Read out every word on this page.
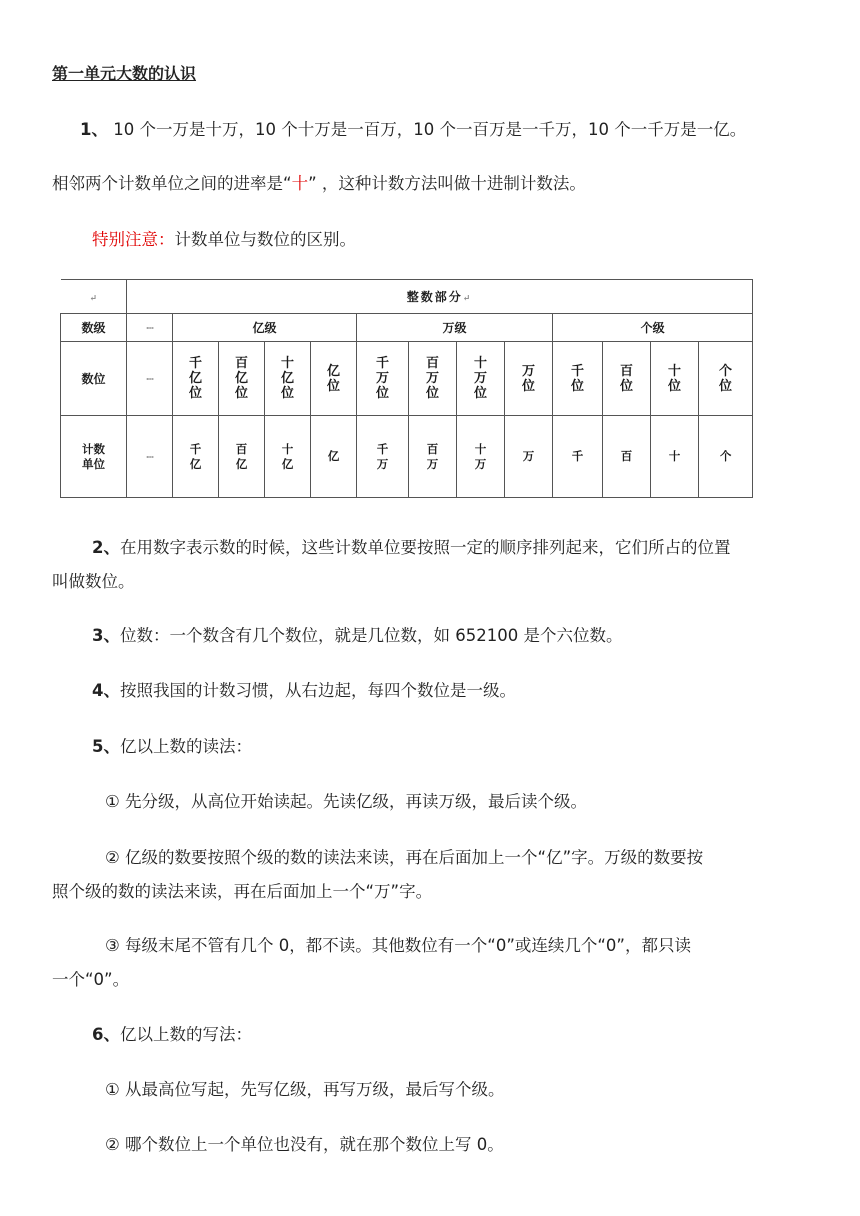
第一单元大数的认识
1、 10 个一万是十万，10 个十万是一百万，10 个一百万是一千万，10 个一千万是一亿。
相邻两个计数单位之间的进率是“十” ，这种计数方法叫做十进制计数法。
特别注意：计数单位与数位的区别。
↵	整数部分↵												
数级	┈	亿级				万级				个级			
数位	┈	千亿位	百亿位	十亿位	亿位	千万位	百万位	十万位	万位	千位	百位	十位	个位
计数
单位	┈	千亿	百亿	十亿	亿	千万	百万	十万	万	千	百	十	个
2、在用数字表示数的时候，这些计数单位要按照一定的顺序排列起来，它们所占的位置
叫做数位。
3、位数：一个数含有几个数位，就是几位数，如 652100 是个六位数。
4、按照我国的计数习惯，从右边起，每四个数位是一级。
5、亿以上数的读法：
① 先分级，从高位开始读起。先读亿级，再读万级，最后读个级。
② 亿级的数要按照个级的数的读法来读，再在后面加上一个“亿”字。万级的数要按
照个级的数的读法来读，再在后面加上一个“万”字。
③ 每级末尾不管有几个 0，都不读。其他数位有一个“0”或连续几个“0”，都只读
一个“0”。
6、亿以上数的写法：
① 从最高位写起，先写亿级，再写万级，最后写个级。
② 哪个数位上一个单位也没有，就在那个数位上写 0。
